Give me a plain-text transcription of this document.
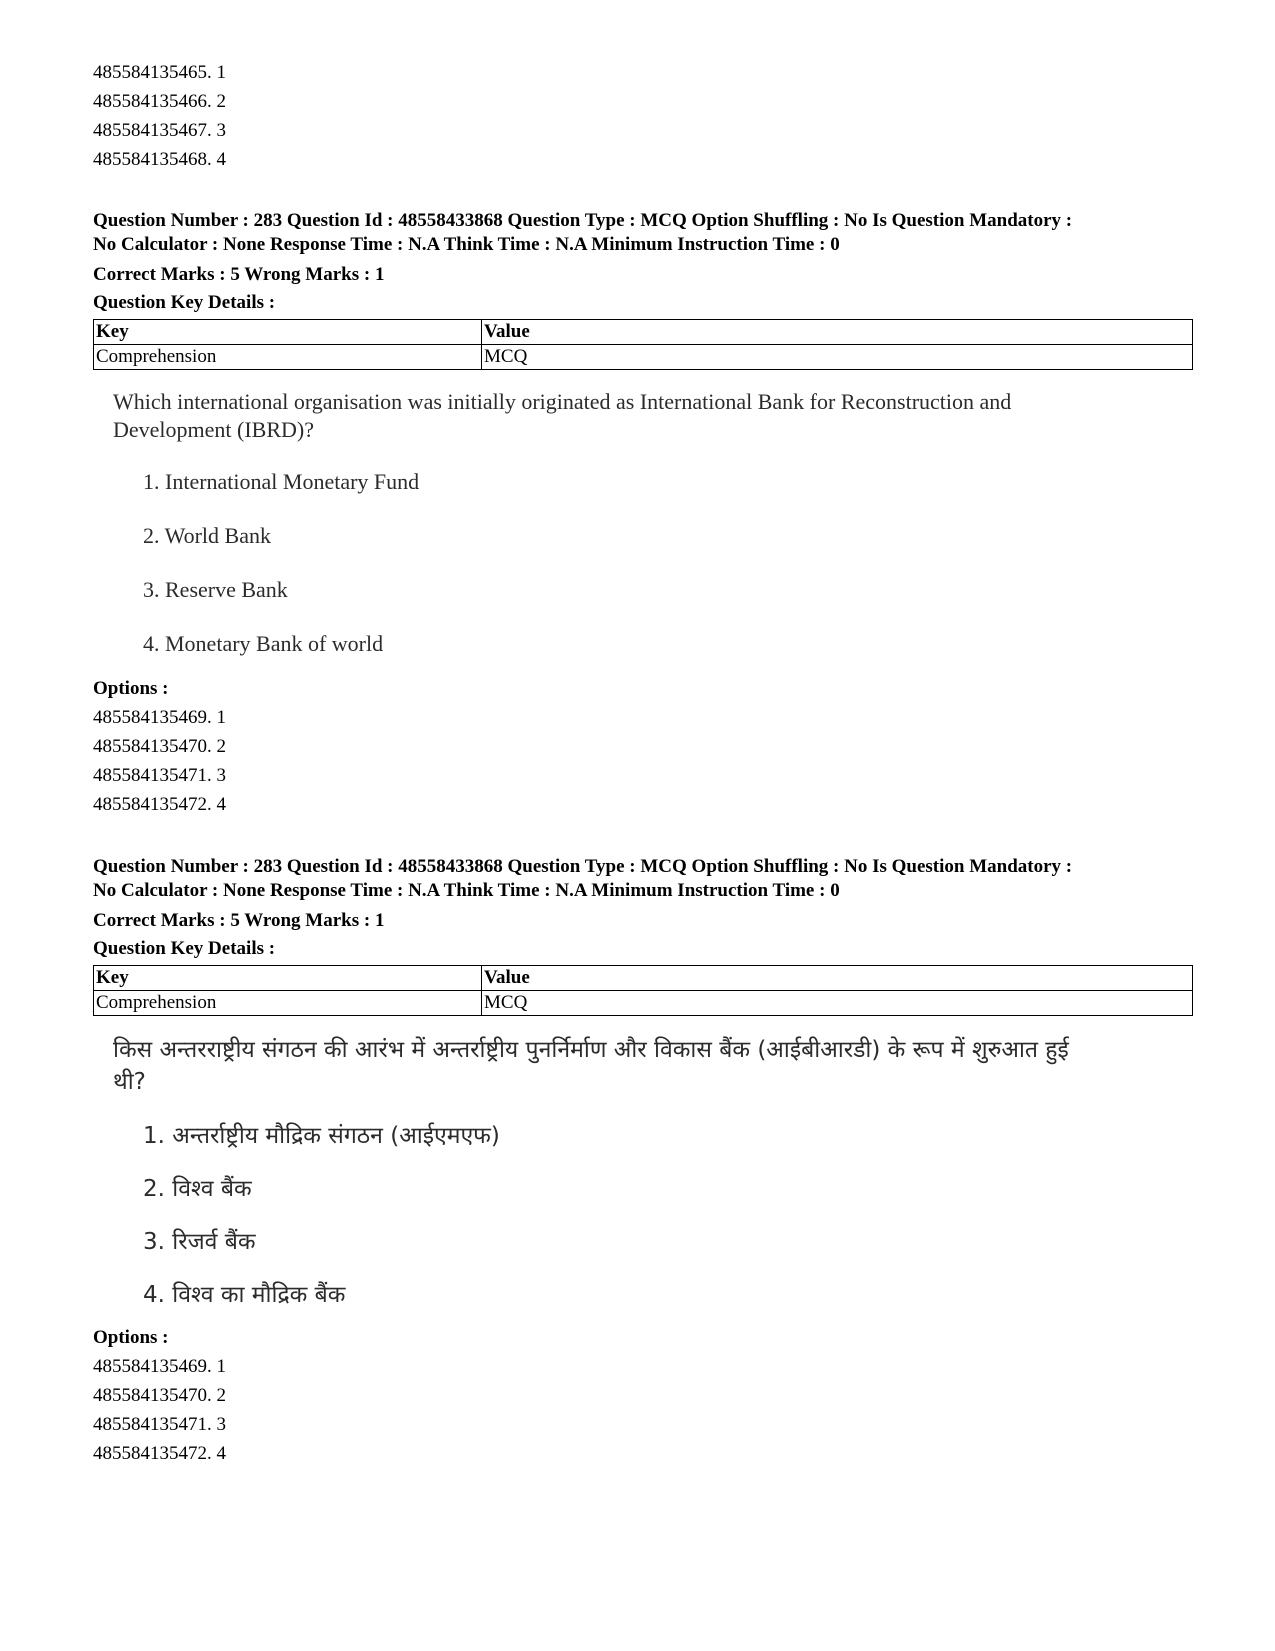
485584135465. 1
485584135466. 2
485584135467. 3
485584135468. 4
Question Number : 283 Question Id : 48558433868 Question Type : MCQ Option Shuffling : No Is Question Mandatory :
No Calculator : None Response Time : N.A Think Time : N.A Minimum Instruction Time : 0
Correct Marks : 5 Wrong Marks : 1
Question Key Details :
Key	Value
Comprehension	MCQ
Which international organisation was initially originated as International Bank for Reconstruction and Development (IBRD)?
1. International Monetary Fund
2. World Bank
3. Reserve Bank
4. Monetary Bank of world
Options :
485584135469. 1
485584135470. 2
485584135471. 3
485584135472. 4
Question Number : 283 Question Id : 48558433868 Question Type : MCQ Option Shuffling : No Is Question Mandatory :
No Calculator : None Response Time : N.A Think Time : N.A Minimum Instruction Time : 0
Correct Marks : 5 Wrong Marks : 1
Question Key Details :
Key	Value
Comprehension	MCQ
किस अन्तरराष्ट्रीय संगठन की आरंभ में अन्तर्राष्ट्रीय पुनर्निर्माण और विकास बैंक (आईबीआरडी) के रूप में शुरुआत हुई थी?
1. अन्तर्राष्ट्रीय मौद्रिक संगठन (आईएमएफ)
2. विश्व बैंक
3. रिजर्व बैंक
4. विश्व का मौद्रिक बैंक
Options :
485584135469. 1
485584135470. 2
485584135471. 3
485584135472. 4
